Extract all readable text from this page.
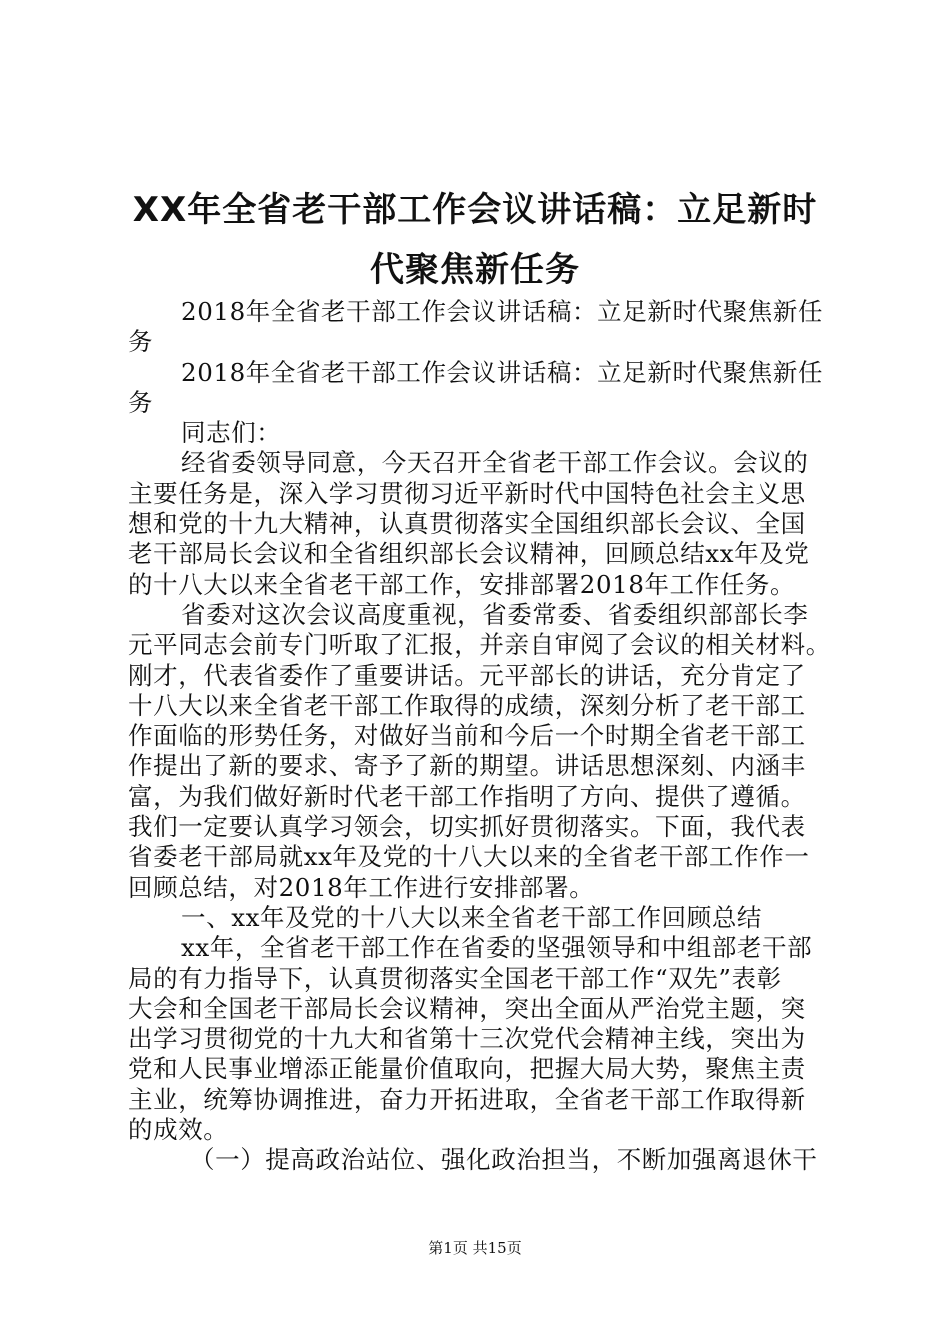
XX年全省老干部工作会议讲话稿：立足新时
代聚焦新任务
2018年全省老干部工作会议讲话稿：立足新时代聚焦新任
务
2018年全省老干部工作会议讲话稿：立足新时代聚焦新任
务
同志们：
经省委领导同意，今天召开全省老干部工作会议。会议的
主要任务是，深入学习贯彻习近平新时代中国特色社会主义思
想和党的十九大精神，认真贯彻落实全国组织部长会议、全国
老干部局长会议和全省组织部长会议精神，回顾总结xx年及党
的十八大以来全省老干部工作，安排部署2018年工作任务。
省委对这次会议高度重视，省委常委、省委组织部部长李
元平同志会前专门听取了汇报，并亲自审阅了会议的相关材料。
刚才，代表省委作了重要讲话。元平部长的讲话，充分肯定了
十八大以来全省老干部工作取得的成绩，深刻分析了老干部工
作面临的形势任务，对做好当前和今后一个时期全省老干部工
作提出了新的要求、寄予了新的期望。讲话思想深刻、内涵丰
富，为我们做好新时代老干部工作指明了方向、提供了遵循。
我们一定要认真学习领会，切实抓好贯彻落实。下面，我代表
省委老干部局就xx年及党的十八大以来的全省老干部工作作一
回顾总结，对2018年工作进行安排部署。
一、xx年及党的十八大以来全省老干部工作回顾总结
xx年，全省老干部工作在省委的坚强领导和中组部老干部
局的有力指导下，认真贯彻落实全国老干部工作“双先”表彰
大会和全国老干部局长会议精神，突出全面从严治党主题，突
出学习贯彻党的十九大和省第十三次党代会精神主线，突出为
党和人民事业增添正能量价值取向，把握大局大势，聚焦主责
主业，统筹协调推进，奋力开拓进取，全省老干部工作取得新
的成效。
（一）提高政治站位、强化政治担当，不断加强离退休干
第1页 共15页
